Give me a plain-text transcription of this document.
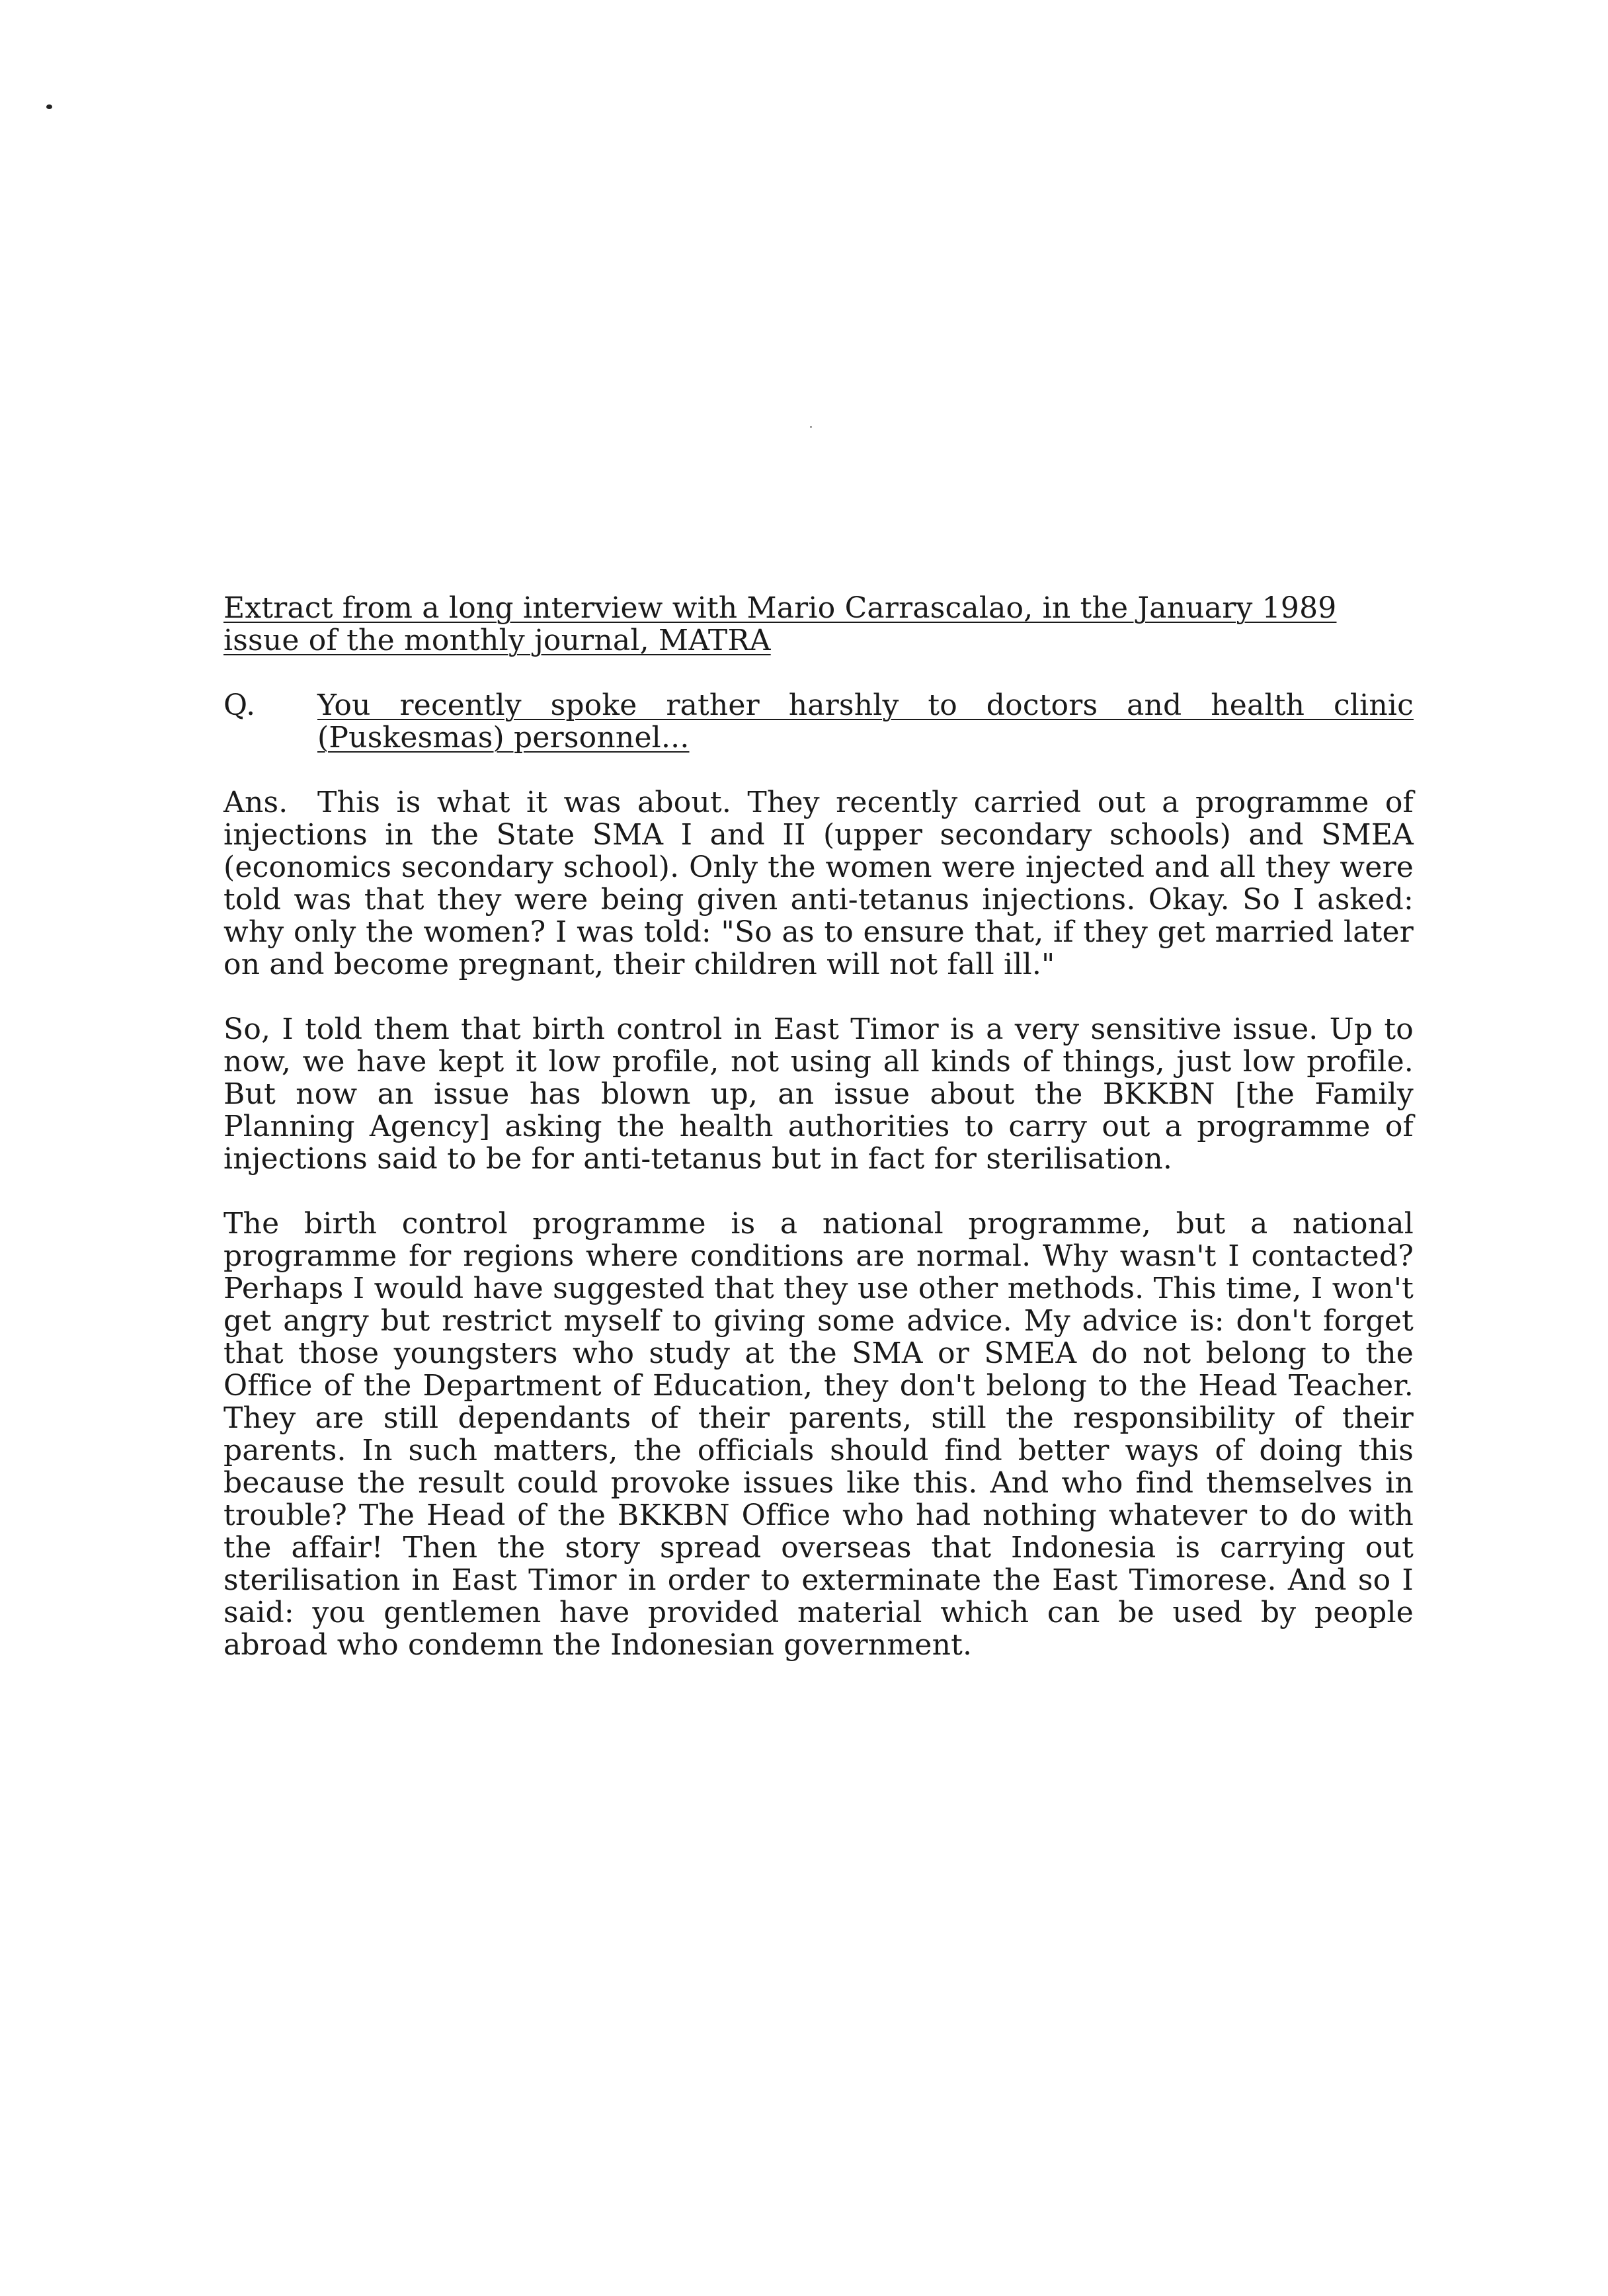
Extract from a long interview with Mario Carrascalao, in the January 1989 issue of the monthly journal, MATRA

Q.	You recently spoke rather harshly to doctors and health clinic (Puskesmas) personnel...

Ans. This is what it was about. They recently carried out a programme of injections in the State SMA I and II (upper secondary schools) and SMEA (economics secondary school). Only the women were injected and all they were told was that they were being given anti-tetanus injections. Okay. So I asked: why only the women? I was told: "So as to ensure that, if they get married later on and become pregnant, their children will not fall ill."

So, I told them that birth control in East Timor is a very sensitive issue. Up to now, we have kept it low profile, not using all kinds of things, just low profile. But now an issue has blown up, an issue about the BKKBN [the Family Planning Agency] asking the health authorities to carry out a programme of injections said to be for anti-tetanus but in fact for sterilisation.

The birth control programme is a national programme, but a national programme for regions where conditions are normal. Why wasn't I contacted? Perhaps I would have suggested that they use other methods. This time, I won't get angry but restrict myself to giving some advice. My advice is: don't forget that those youngsters who study at the SMA or SMEA do not belong to the Office of the Department of Education, they don't belong to the Head Teacher. They are still dependants of their parents, still the responsibility of their parents. In such matters, the officials should find better ways of doing this because the result could provoke issues like this. And who find themselves in trouble? The Head of the BKKBN Office who had nothing whatever to do with the affair! Then the story spread overseas that Indonesia is carrying out sterilisation in East Timor in order to exterminate the East Timorese. And so I said: you gentlemen have provided material which can be used by people abroad who condemn the Indonesian government.
